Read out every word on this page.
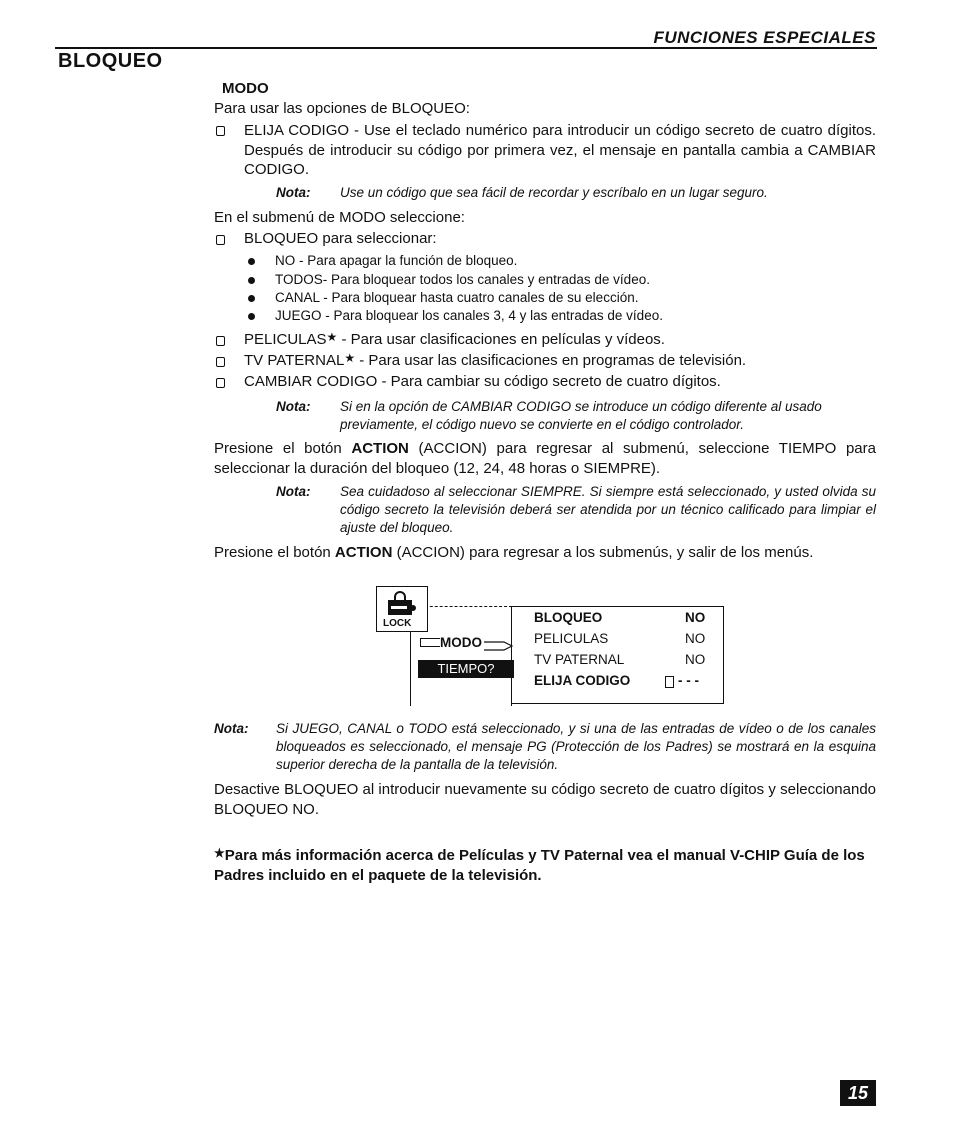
FUNCIONES ESPECIALES
BLOQUEO
MODO
Para usar las opciones de BLOQUEO:
ELIJA CODIGO - Use el teclado numérico para introducir un código secreto de cuatro dígitos. Después de introducir su código por primera vez, el mensaje en pantalla cambia a CAMBIAR CODIGO.
Nota: Use un código que sea fácil de recordar y escríbalo en un lugar seguro.
En el submenú de MODO seleccione:
BLOQUEO para seleccionar:
NO - Para apagar la función de bloqueo.
TODOS- Para bloquear todos los canales y entradas de vídeo.
CANAL - Para bloquear hasta cuatro canales de su elección.
JUEGO - Para bloquear los canales 3, 4 y las entradas de vídeo.
PELICULAS★ - Para usar clasificaciones en películas y vídeos.
TV PATERNAL★ - Para usar las clasificaciones en programas de televisión.
CAMBIAR CODIGO - Para cambiar su código secreto de cuatro dígitos.
Nota: Si en la opción de CAMBIAR CODIGO se introduce un código diferente al usado
previamente, el código nuevo se convierte en el código controlador.
Presione el botón ACTION (ACCION) para regresar al submenú, seleccione TIEMPO para seleccionar la duración del bloqueo (12, 24, 48 horas o SIEMPRE).
Nota: Sea cuidadoso al seleccionar SIEMPRE. Si siempre está seleccionado, y usted olvida su código secreto la televisión deberá ser atendida por un técnico calificado para limpiar el ajuste del bloqueo.
Presione el botón ACTION (ACCION) para regresar a los submenús, y salir de los menús.
BLOQUEO	NO
PELICULAS	NO
TV PATERNAL	NO
ELIJA CODIGO	- - -
MODO
TIEMPO?
LOCK
Nota: Si JUEGO, CANAL o TODO está seleccionado, y si una de las entradas de vídeo o de los canales bloqueados es seleccionado, el mensaje PG (Protección de los Padres) se mostrará en la esquina superior derecha de la pantalla de la televisión.
Desactive BLOQUEO al introducir nuevamente su código secreto de cuatro dígitos y seleccionando BLOQUEO NO.
★Para más información acerca de Películas y TV Paternal vea el manual V-CHIP Guía de los Padres incluido en el paquete de la televisión.
15
